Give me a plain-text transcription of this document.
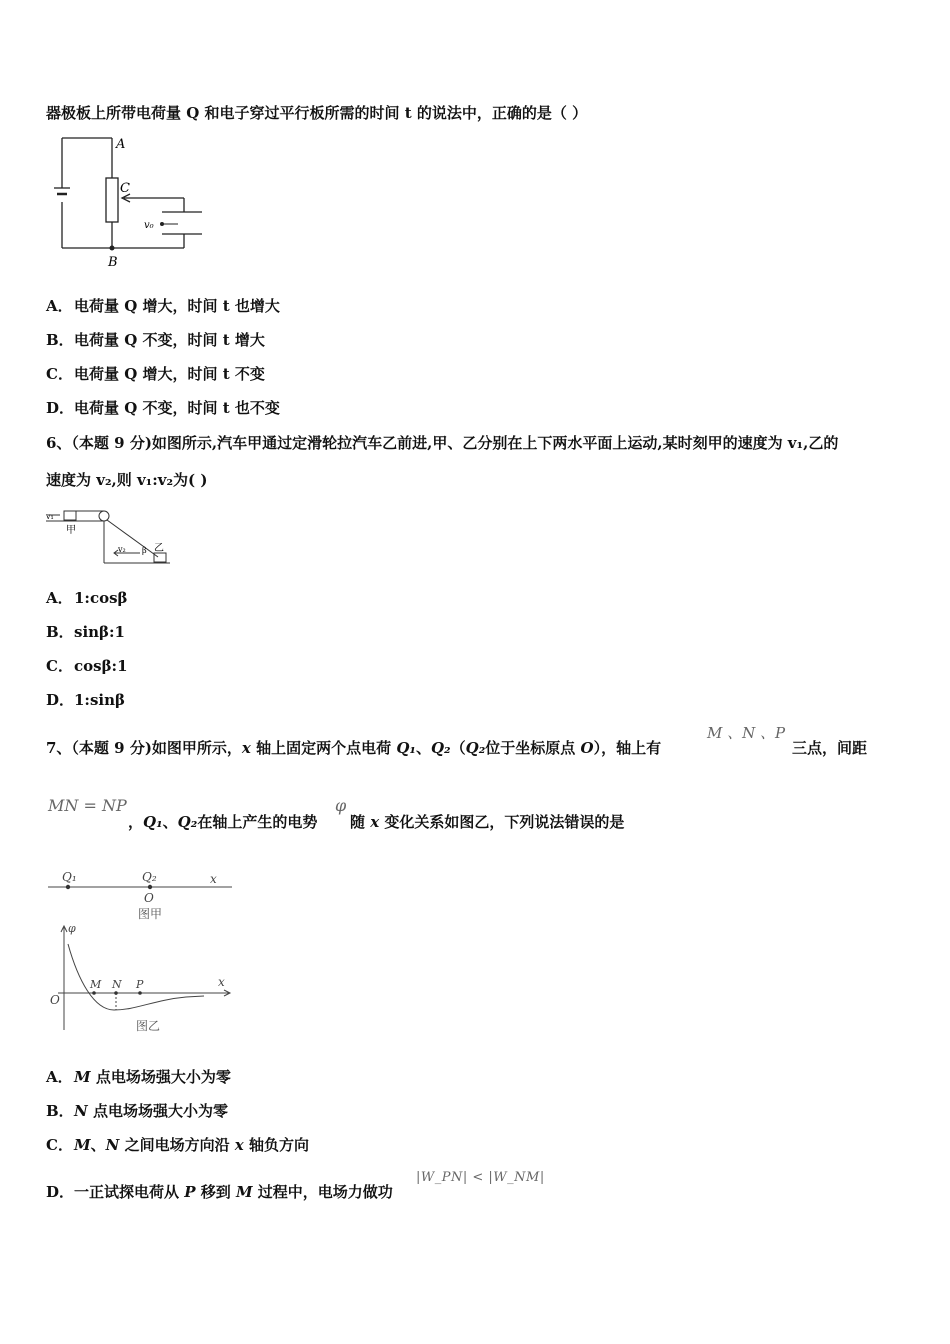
器极板上所带电荷量 Q 和电子穿过平行板所需的时间 t 的说法中，正确的是（ ）
A
B
C
v₀
A．电荷量 Q 增大，时间 t 也增大
B．电荷量 Q 不变，时间 t 增大
C．电荷量 Q 增大，时间 t 不变
D．电荷量 Q 不变，时间 t 也不变
6、（本题 9 分)如图所示,汽车甲通过定滑轮拉汽车乙前进,甲、乙分别在上下两水平面上运动,某时刻甲的速度为 v₁,乙的
速度为 v₂,则 v₁:v₂为( )
v₁
甲
v₂ β 乙
A．1:cosβ
B．sinβ:1
C．cosβ:1
D．1:sinβ
7、（本题 9 分)如图甲所示，x 轴上固定两个点电荷 Q₁、Q₂（Q₂位于坐标原点 O），轴上有
M 、N 、P
三点，间距
MN = NP
，Q₁、Q₂在轴上产生的电势
φ
随 x 变化关系如图乙，下列说法错误的是
Q₁	Q₂	x
O
图甲
φ
O
M N P	x
图乙
A．M 点电场场强大小为零
B．N 点电场场强大小为零
C．M、N 之间电场方向沿 x 轴负方向
D．一正试探电荷从 P 移到 M 过程中，电场力做功
|W_PN| < |W_NM|
